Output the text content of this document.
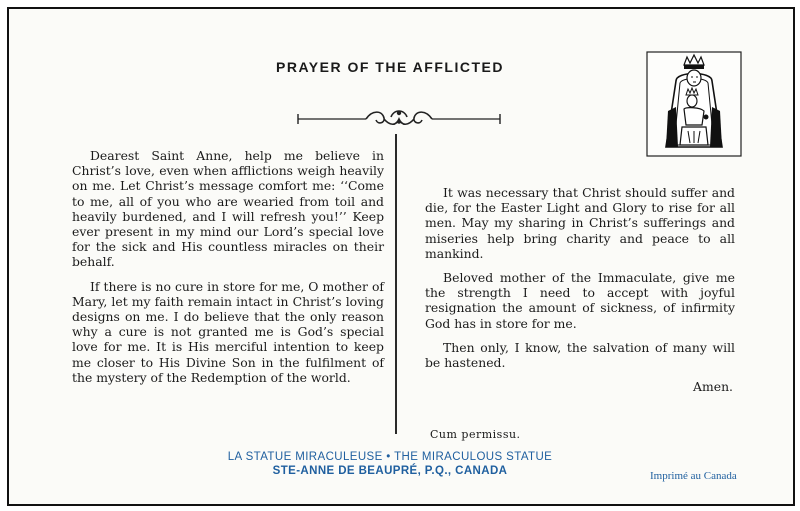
PRAYER OF THE AFFLICTED

Dearest Saint Anne, help me believe in Christ’s love, even when afflictions weigh heavily on me. Let Christ’s message comfort me: ‘‘Come to me, all of you who are wearied from toil and heavily burdened, and I will refresh you!’’ Keep ever present in my mind our Lord’s special love for the sick and His countless miracles on their behalf.

If there is no cure in store for me, O mother of Mary, let my faith remain intact in Christ’s loving designs on me. I do believe that the only reason why a cure is not granted me is God’s special love for me. It is His merciful intention to keep me closer to His Divine Son in the fulfilment of the mystery of the Redemption of the world.

It was necessary that Christ should suffer and die, for the Easter Light and Glory to rise for all men. May my sharing in Christ’s sufferings and miseries help bring charity and peace to all mankind.

Beloved mother of the Immaculate, give me the strength I need to accept with joyful resignation the amount of sickness, of infirmity God has in store for me.

Then only, I know, the salvation of many will be hastened.

Amen.

Cum permissu.
LA STATUE MIRACULEUSE • THE MIRACULOUS STATUE
STE-ANNE DE BEAUPRÉ, P.Q., CANADA	Imprimé au Canada
